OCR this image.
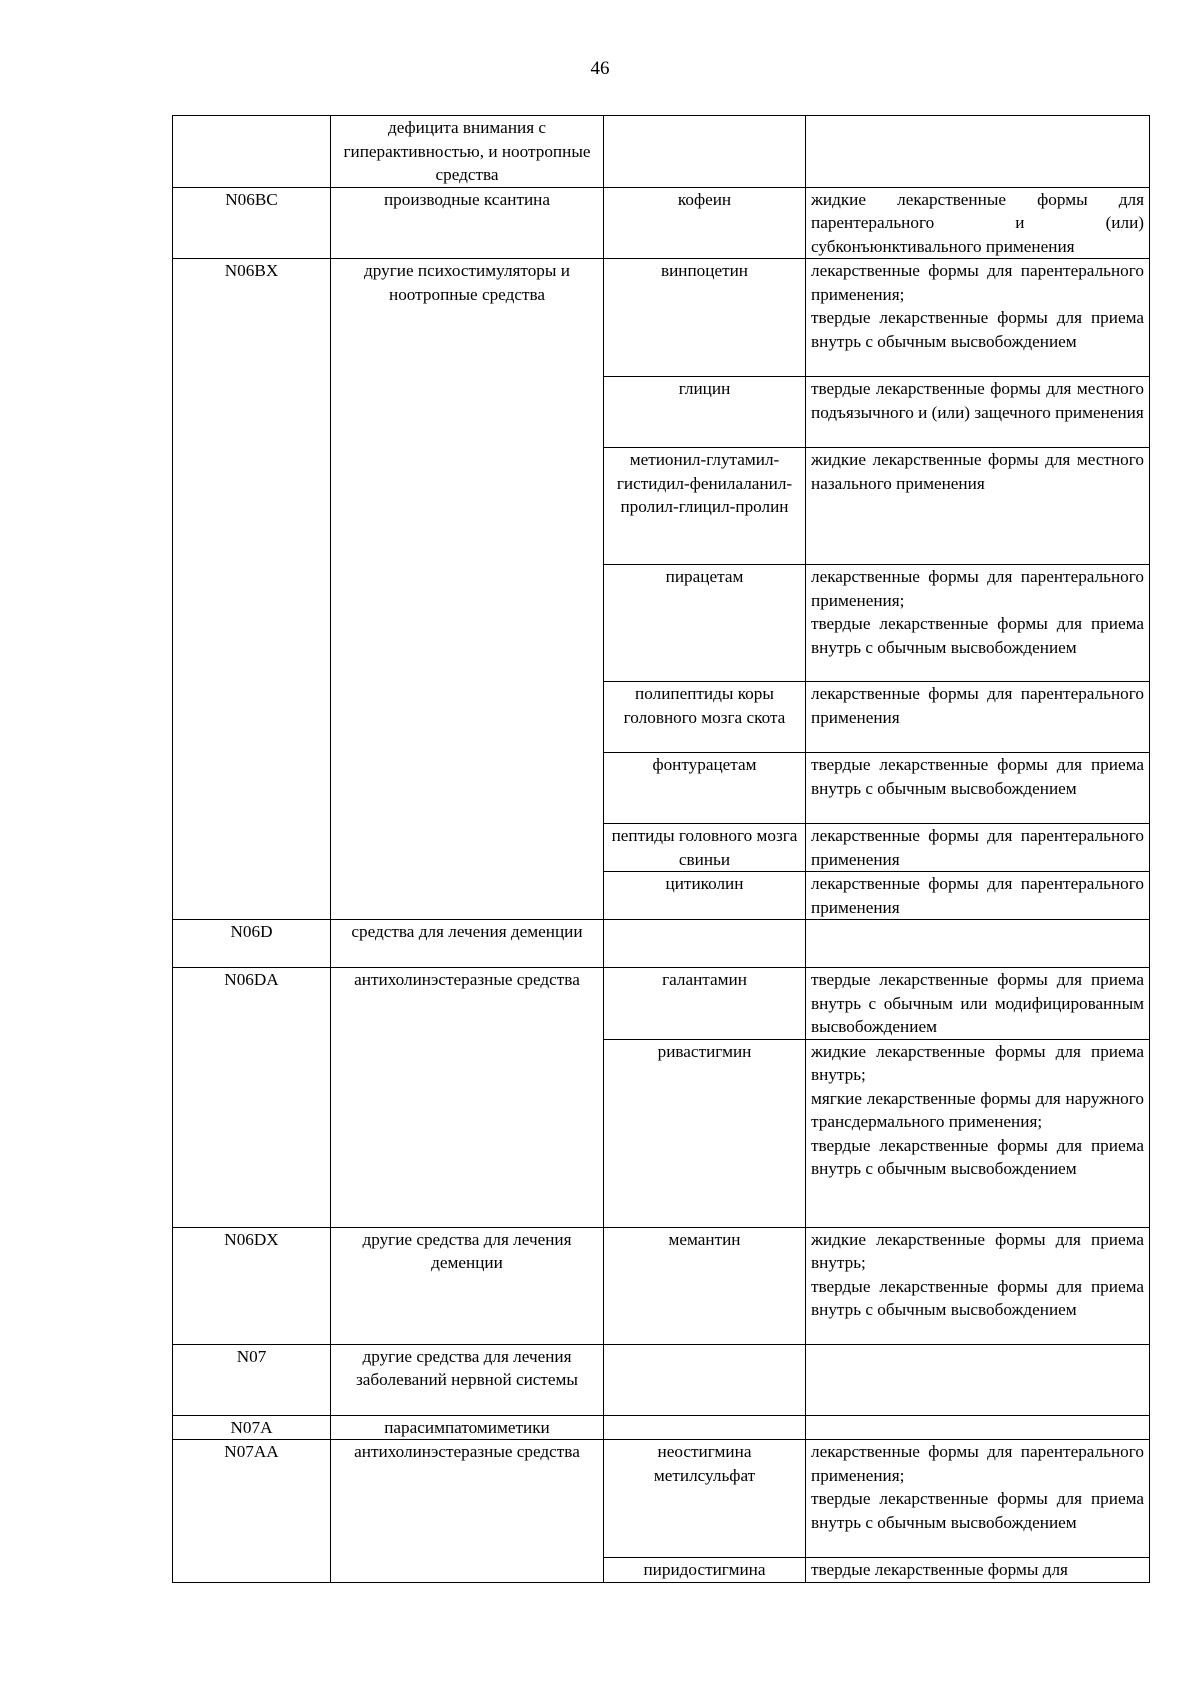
46
	дефицита внимания с гиперактивностью, и ноотропные средства		
N06BC	производные ксантина	кофеин	жидкие лекарственные формы для парентерального и (или) субконъюнктивального применения

N06BX	другие психостимуляторы и ноотропные средства	винпоцетин	лекарственные формы для парентерального применения;
твердые лекарственные формы для приема внутрь с обычным высвобождением

		глицин	твердые лекарственные формы для местного подъязычного и (или) защечного применения

		метионил-глутамил-гистидил-фенилаланил-пролил-глицил-пролин	жидкие лекарственные формы для местного назального применения

		пирацетам	лекарственные формы для парентерального применения;
твердые лекарственные формы для приема внутрь с обычным высвобождением

		полипептиды коры головного мозга скота	лекарственные формы для парентерального применения

		фонтурацетам	твердые лекарственные формы для приема внутрь с обычным высвобождением

		пептиды головного мозга свиньи	лекарственные формы для парентерального применения

		цитиколин	лекарственные формы для парентерального применения

N06D	средства для лечения деменции		
N06DA	антихолинэстеразные средства	галантамин	твердые лекарственные формы для приема внутрь с обычным или модифицированным высвобождением

		ривастигмин	жидкие лекарственные формы для приема внутрь;
мягкие лекарственные формы для наружного трансдермального применения;
твердые лекарственные формы для приема внутрь с обычным высвобождением

N06DX	другие средства для лечения деменции	мемантин	жидкие лекарственные формы для приема внутрь;
твердые лекарственные формы для приема внутрь с обычным высвобождением

N07	другие средства для лечения заболеваний нервной системы		
N07A	парасимпатомиметики		
N07AA	антихолинэстеразные средства	неостигмина метилсульфат	лекарственные формы для парентерального применения;
твердые лекарственные формы для приема внутрь с обычным высвобождением

		пиридостигмина	твердые лекарственные формы для
